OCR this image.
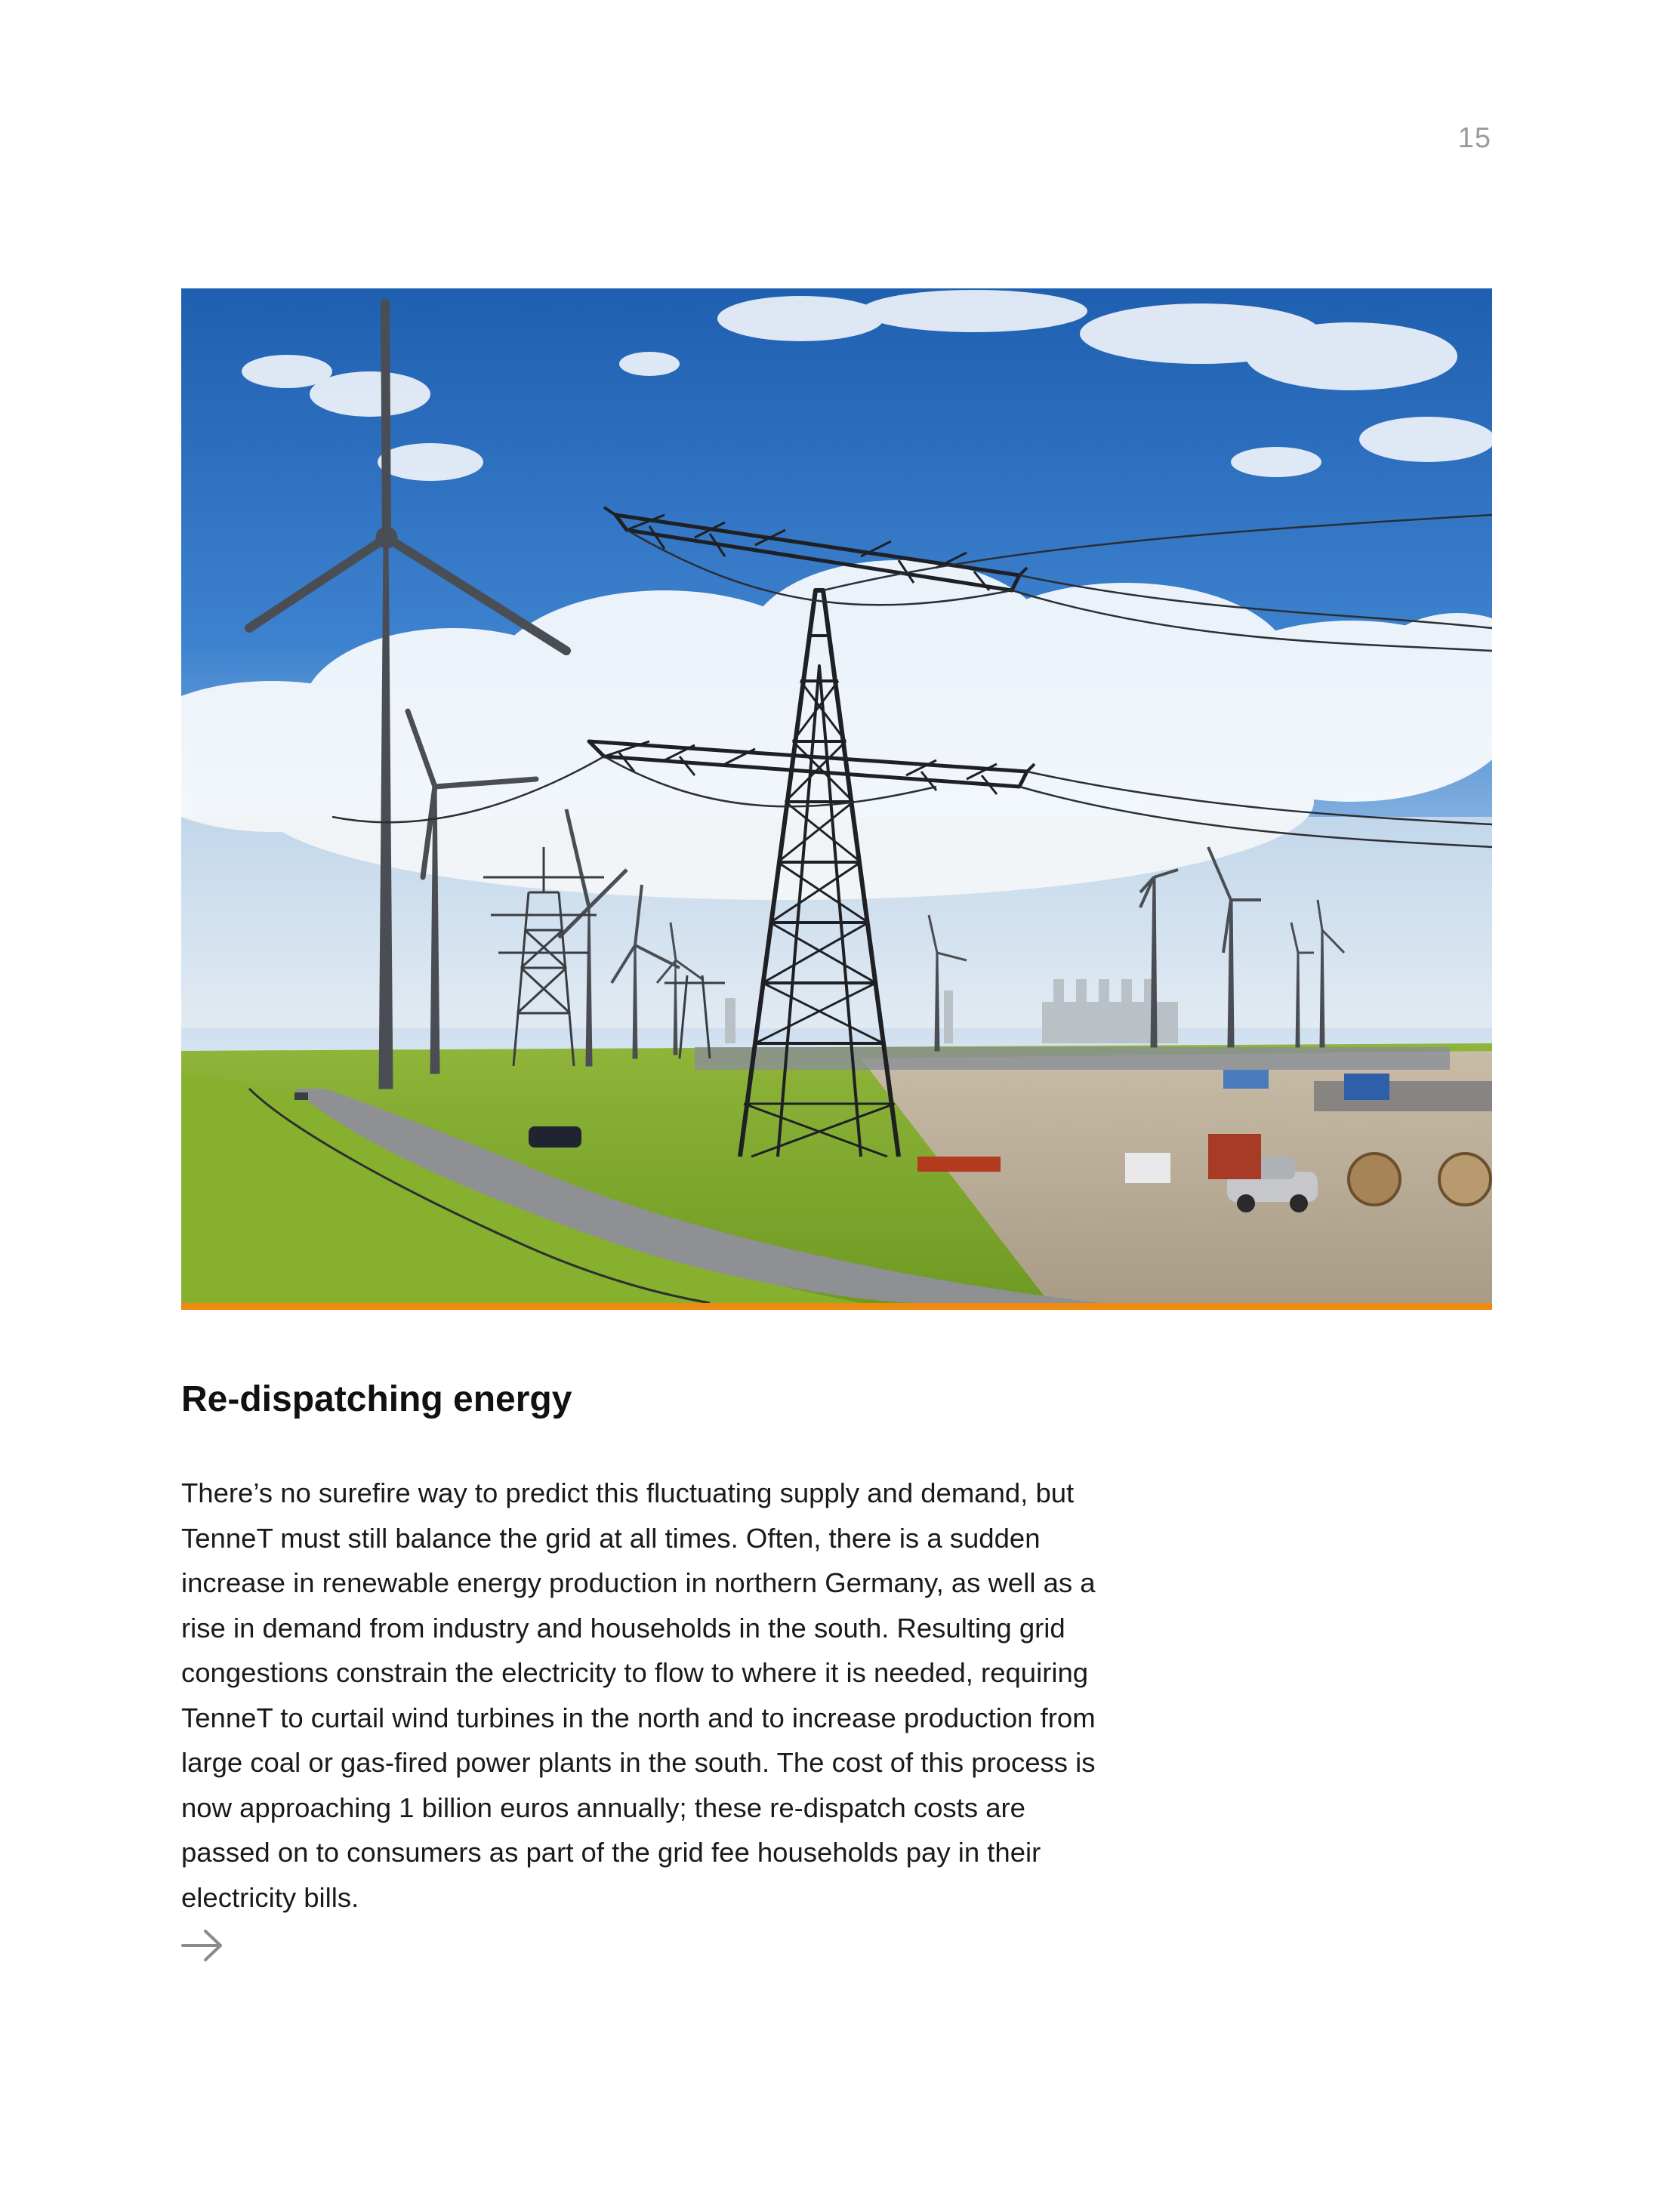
15
Re-dispatching energy

There’s no surefire way to predict this fluctuating supply and demand, but TenneT must still balance the grid at all times. Often, there is a sudden increase in renewable energy production in northern Germany, as well as a rise in demand from industry and households in the south. Resulting grid congestions constrain the electricity to flow to where it is needed, requiring TenneT to curtail wind turbines in the north and to increase production from large coal or gas-fired power plants in the south. The cost of this process is now approaching 1 billion euros annually; these re-dispatch costs are passed on to consumers as part of the grid fee households pay in their electricity bills.
